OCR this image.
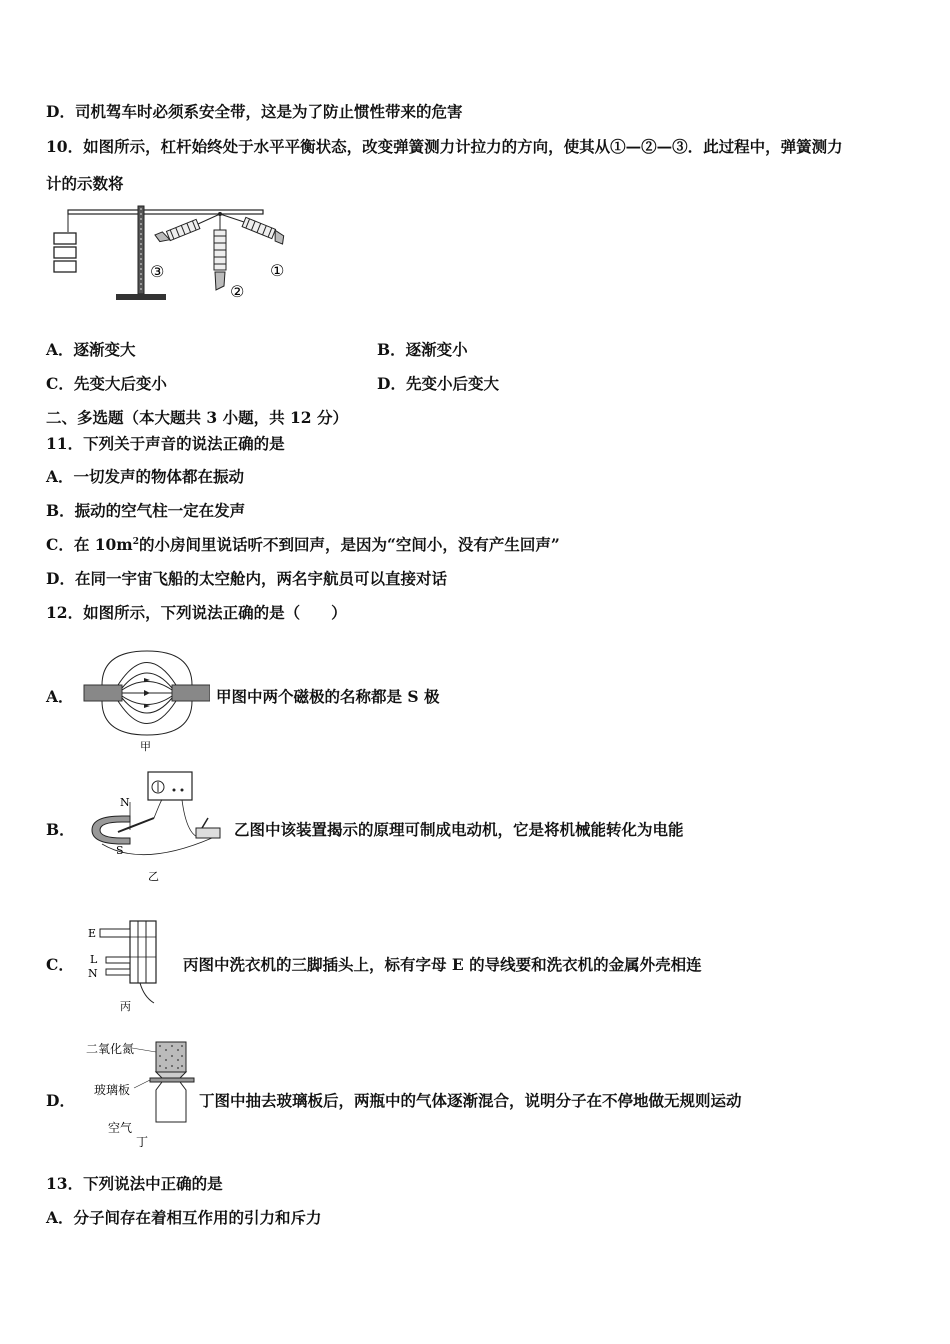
D．司机驾车时必须系安全带，这是为了防止惯性带来的危害
10．如图所示，杠杆始终处于水平平衡状态，改变弹簧测力计拉力的方向，使其从①—②—③．此过程中，弹簧测力
计的示数将
③
②
①
A．逐渐变大	B．逐渐变小
C．先变大后变小	D．先变小后变大
二、多选题（本大题共 3 小题，共 12 分）
11．下列关于声音的说法正确的是
A．一切发声的物体都在振动
B．振动的空气柱一定在发声
C．在 $10m^2$的小房间里说话听不到回声，是因为“空间小，没有产生回声”
D．在同一宇宙飞船的太空舱内，两名宇航员可以直接对话
12．如图所示，下列说法正确的是（　　）
A．
甲
甲图中两个磁极的名称都是 S 极
B．
N
S
乙
乙图中该装置揭示的原理可制成电动机，它是将机械能转化为电能
C．
E
L
N
丙
丙图中洗衣机的三脚插头上，标有字母 E 的导线要和洗衣机的金属外壳相连
D．
二氧化氮
玻璃板
空气
丁
丁图中抽去玻璃板后，两瓶中的气体逐渐混合，说明分子在不停地做无规则运动
13．下列说法中正确的是
A．分子间存在着相互作用的引力和斥力
